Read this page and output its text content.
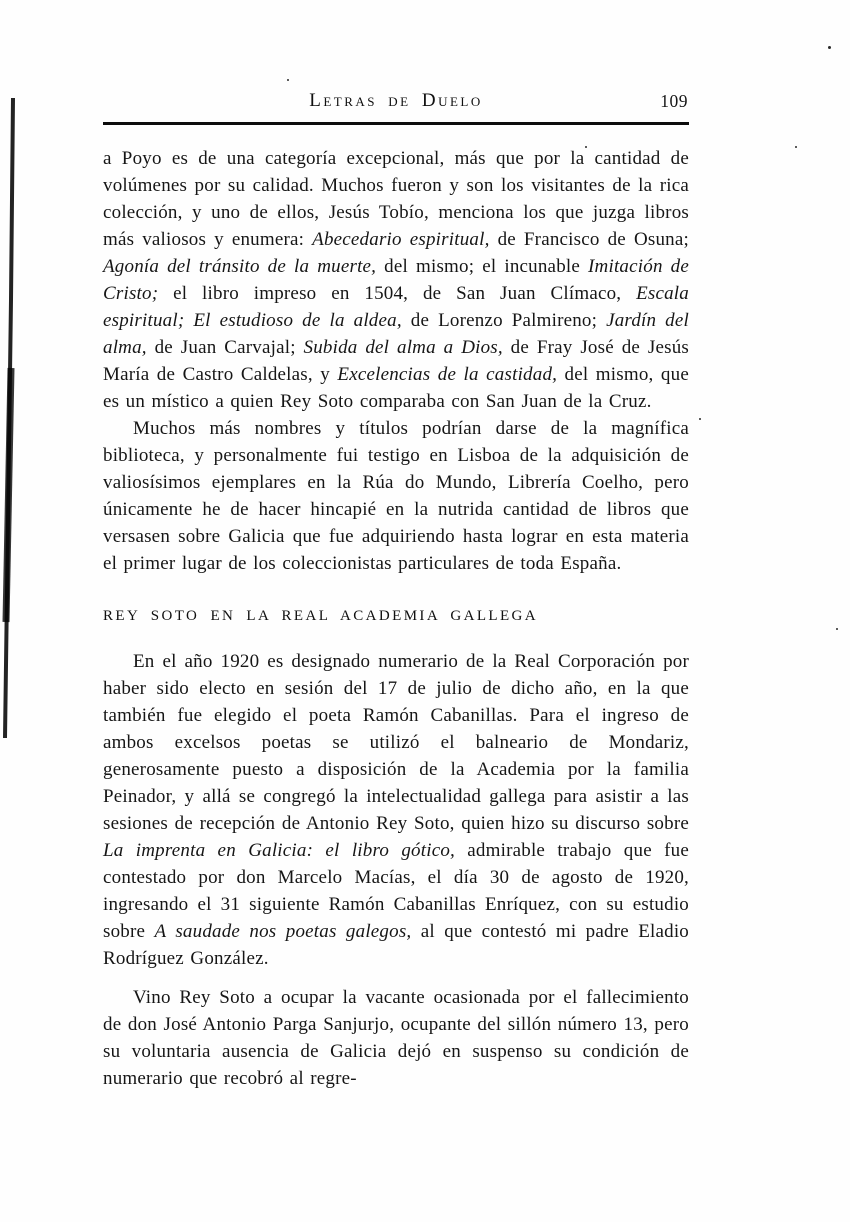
Letras de Duelo	109

a Poyo es de una categoría excepcional, más que por la cantidad de volúmenes por su calidad. Muchos fueron y son los visitantes de la rica colección, y uno de ellos, Jesús Tobío, menciona los que juzga libros más valiosos y enumera: Abecedario espiritual, de Francisco de Osuna; Agonía del tránsito de la muerte, del mismo; el incunable Imitación de Cristo; el libro impreso en 1504, de San Juan Clímaco, Escala espiritual; El estudioso de la aldea, de Lorenzo Palmireno; Jardín del alma, de Juan Carvajal; Subida del alma a Dios, de Fray José de Jesús María de Castro Caldelas, y Excelencias de la castidad, del mismo, que es un místico a quien Rey Soto comparaba con San Juan de la Cruz.

Muchos más nombres y títulos podrían darse de la magnífica biblioteca, y personalmente fui testigo en Lisboa de la adquisición de valiosísimos ejemplares en la Rúa do Mundo, Librería Coelho, pero únicamente he de hacer hincapié en la nutrida cantidad de libros que versasen sobre Galicia que fue adquiriendo hasta lograr en esta materia el primer lugar de los coleccionistas particulares de toda España.

REY SOTO EN LA REAL ACADEMIA GALLEGA

En el año 1920 es designado numerario de la Real Corporación por haber sido electo en sesión del 17 de julio de dicho año, en la que también fue elegido el poeta Ramón Cabanillas. Para el ingreso de ambos excelsos poetas se utilizó el balneario de Mondariz, generosamente puesto a disposición de la Academia por la familia Peinador, y allá se congregó la intelectualidad gallega para asistir a las sesiones de recepción de Antonio Rey Soto, quien hizo su discurso sobre La imprenta en Galicia: el libro gótico, admirable trabajo que fue contestado por don Marcelo Macías, el día 30 de agosto de 1920, ingresando el 31 siguiente Ramón Cabanillas Enríquez, con su estudio sobre A saudade nos poetas galegos, al que contestó mi padre Eladio Rodríguez González.

Vino Rey Soto a ocupar la vacante ocasionada por el fallecimiento de don José Antonio Parga Sanjurjo, ocupante del sillón número 13, pero su voluntaria ausencia de Galicia dejó en suspenso su condición de numerario que recobró al regre-
